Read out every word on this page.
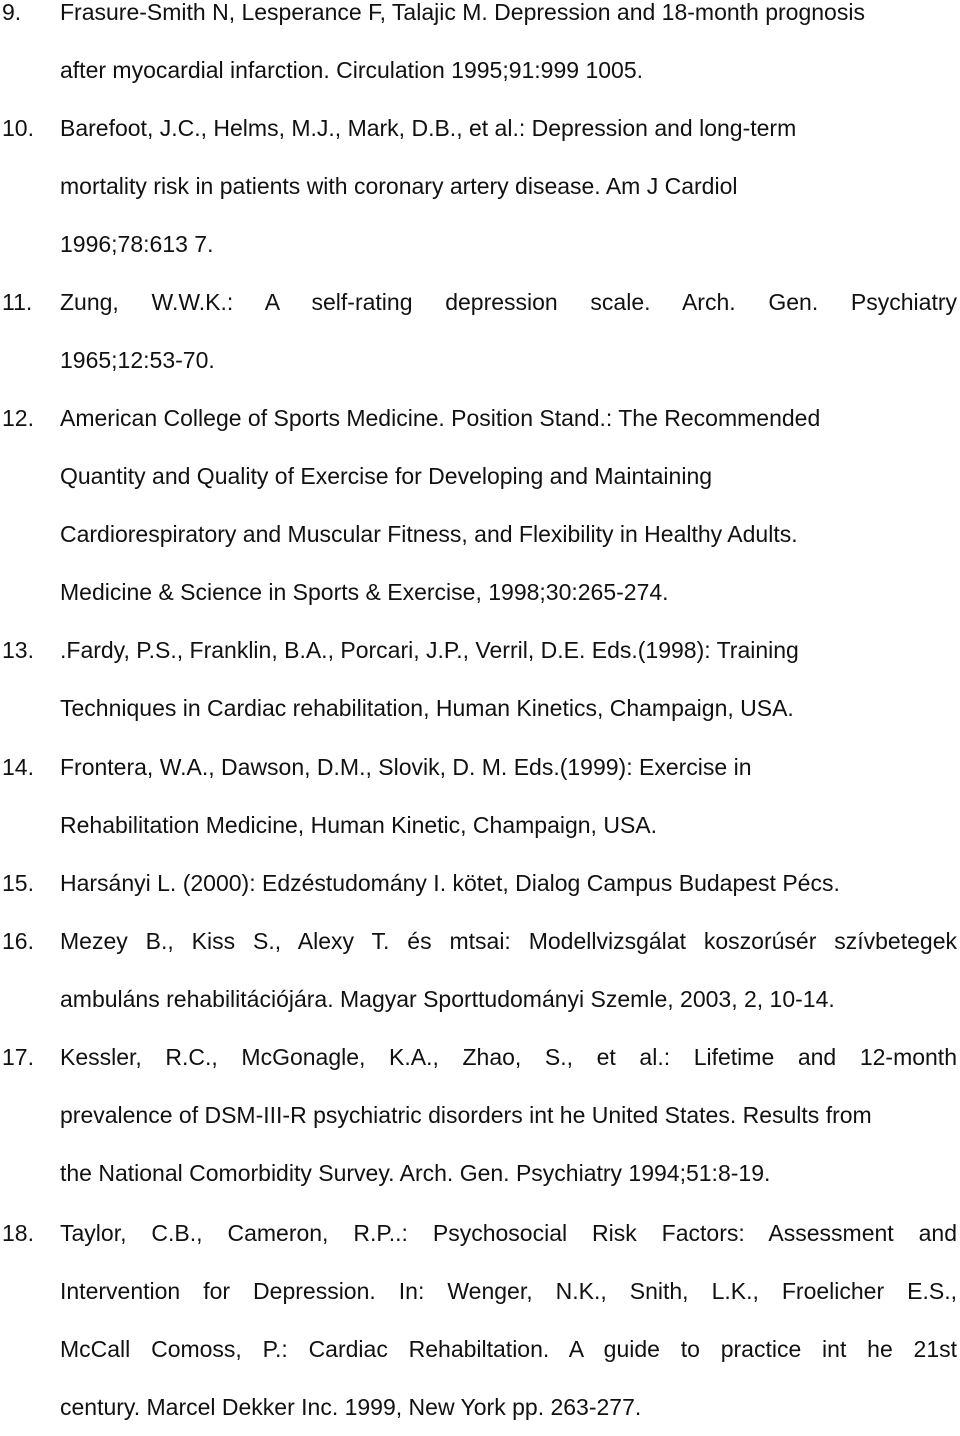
9. Frasure-Smith N, Lesperance F, Talajic M. Depression and 18-month prognosis
after myocardial infarction. Circulation 1995;91:999 1005.
10. Barefoot, J.C., Helms, M.J., Mark, D.B., et al.: Depression and long-term
mortality risk in patients with coronary artery disease. Am J Cardiol
1996;78:613 7.
11. Zung, W.W.K.: A self-rating depression scale. Arch. Gen. Psychiatry
1965;12:53-70.
12. American College of Sports Medicine. Position Stand.: The Recommended
Quantity and Quality of Exercise for Developing and Maintaining
Cardiorespiratory and Muscular Fitness, and Flexibility in Healthy Adults.
Medicine & Science in Sports & Exercise, 1998;30:265-274.
13. .Fardy, P.S., Franklin, B.A., Porcari, J.P., Verril, D.E. Eds.(1998): Training
Techniques in Cardiac rehabilitation, Human Kinetics, Champaign, USA.
14. Frontera, W.A., Dawson, D.M., Slovik, D. M. Eds.(1999): Exercise in
Rehabilitation Medicine, Human Kinetic, Champaign, USA.
15. Harsányi L. (2000): Edzéstudomány I. kötet, Dialog Campus Budapest Pécs.
16. Mezey B., Kiss S., Alexy T. és mtsai: Modellvizsgálat koszorúsér szívbetegek
ambuláns rehabilitációjára. Magyar Sporttudományi Szemle, 2003, 2, 10-14.
17. Kessler, R.C., McGonagle, K.A., Zhao, S., et al.: Lifetime and 12-month
prevalence of DSM-III-R psychiatric disorders int he United States. Results from
the National Comorbidity Survey. Arch. Gen. Psychiatry 1994;51:8-19.
18. Taylor, C.B., Cameron, R.P..: Psychosocial Risk Factors: Assessment and
Intervention for Depression. In: Wenger, N.K., Snith, L.K., Froelicher E.S.,
McCall Comoss, P.: Cardiac Rehabiltation. A guide to practice int he 21st
century. Marcel Dekker Inc. 1999, New York pp. 263-277.
